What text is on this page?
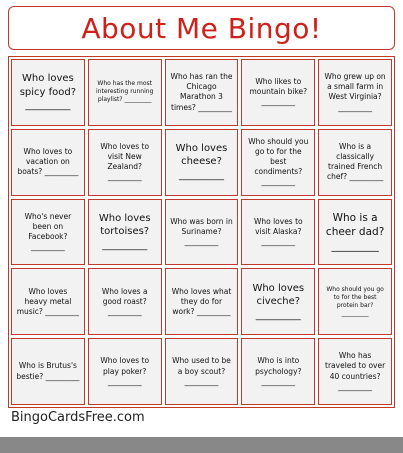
About Me Bingo!
Who loves spicy food? _________
Who has the most interesting running playlist? _________
Who has ran the Chicago Marathon 3 times? _________
Who likes to mountain bike? _________
Who grew up on a small farm in West Virginia? _________
Who loves to vacation on boats? _________
Who loves to visit New Zealand? _________
Who loves cheese? _________
Who should you go to for the best condiments? _________
Who is a classically trained French chef? _________
Who's never been on Facebook? _________
Who loves tortoises? _________
Who was born in Suriname? _________
Who loves to visit Alaska? _________
Who is a cheer dad? _________
Who loves heavy metal music? _________
Who loves a good roast? _________
Who loves what they do for work? _________
Who loves civeche? _________
Who should you go to for the best protein bar? _________
Who is Brutus's bestie? _________
Who loves to play poker? _________
Who used to be a boy scout? _________
Who is into psychology? _________
Who has traveled to over 40 countries? _________
BingoCardsFree.com
